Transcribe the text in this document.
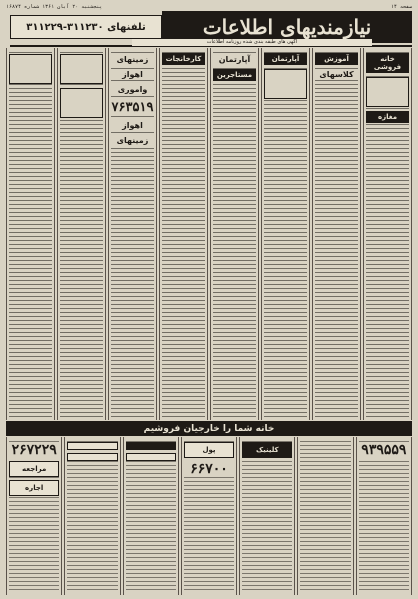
پنجشنبه ۲۰ آبان ۱۳۶۱ شماره ۱۶۸۷۴	صفحه ۱۴
نیازمندیهای اطلاعات
آگهی های طبقه بندی شده روزنامه اطلاعات
تلفنهای ۳۱۱۲۳۰-۳۱۱۲۲۹
خانه فروشی
مغازه
آموزش
کلاسهای
آپارتمان
آپارتمان
مستاجرین
کارخانجات
زمینهای
اهواز
واموری
۷۶۳۵۱۹
اهواز
زمینهای
خانه شما را خارجیان فروشیم
۹۳۹۵۵۹
کلینیک
پول
۶۶۷۰۰
۲۶۷۲۲۹
مراجعه
اجاره
